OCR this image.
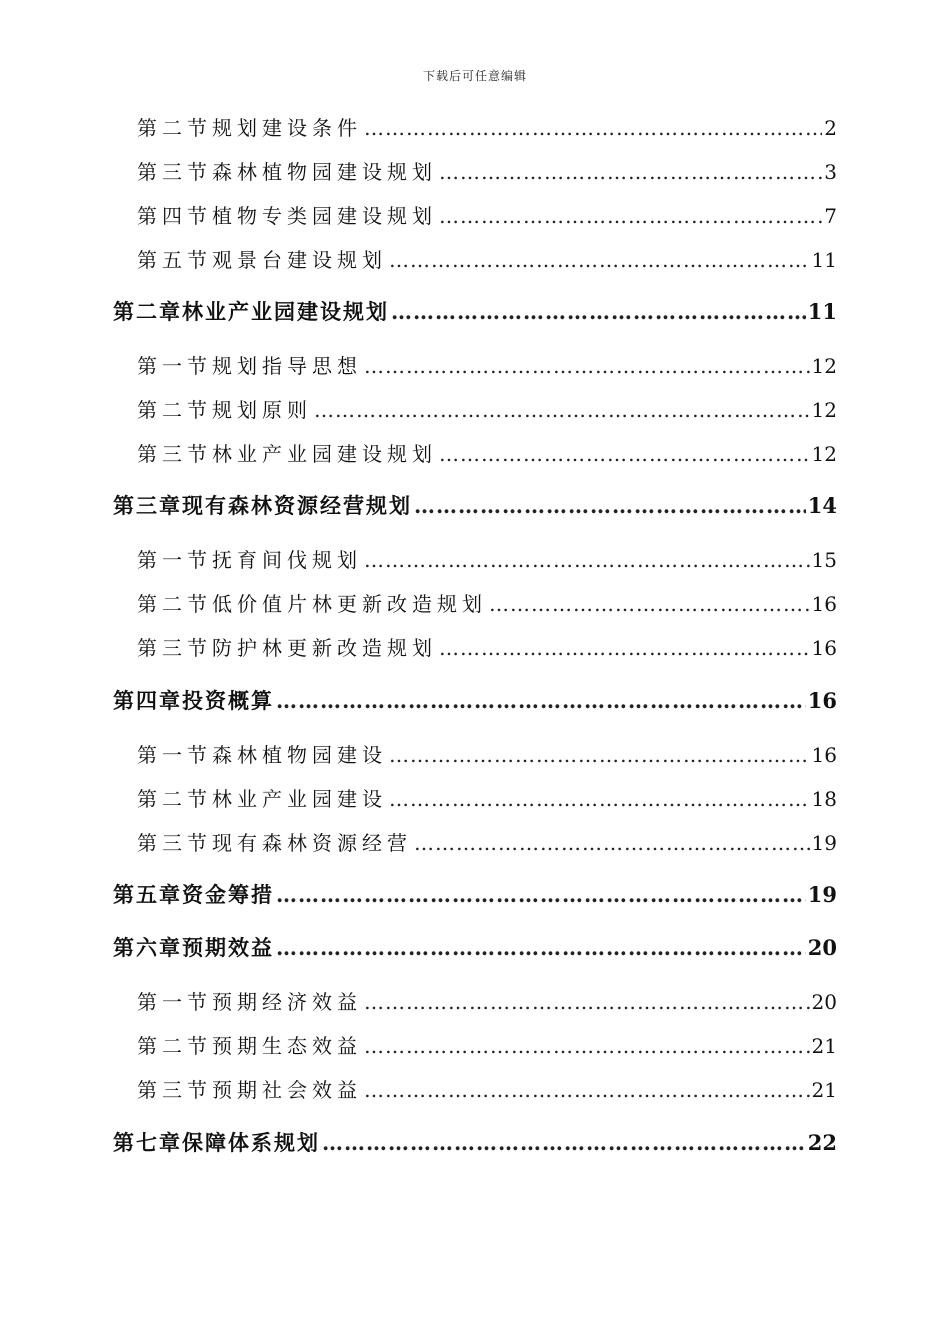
下载后可任意编辑
第二节 规划建设条件 …………………………………………………………………………………………………………………………………………………………………………	2
第三节 森林植物园建设规划 …………………………………………………………………………………………………………………………………………………………………………	3
第四节 植物专类园建设规划 …………………………………………………………………………………………………………………………………………………………………………	7
第五节 观景台建设规划 …………………………………………………………………………………………………………………………………………………………………………	11
第二章 林业产业园建设规划 …………………………………………………………………………………………………………………………………………………………………………	11
第一节 规划指导思想 …………………………………………………………………………………………………………………………………………………………………………	12
第二节 规划原则 …………………………………………………………………………………………………………………………………………………………………………	12
第三节 林业产业园建设规划 …………………………………………………………………………………………………………………………………………………………………………	12
第三章 现有森林资源经营规划 …………………………………………………………………………………………………………………………………………………………………………	14
第一节 抚育间伐规划 …………………………………………………………………………………………………………………………………………………………………………	15
第二节 低价值片林更新改造规划 …………………………………………………………………………………………………………………………………………………………………………	16
第三节 防护林更新改造规划 …………………………………………………………………………………………………………………………………………………………………………	16
第四章 投资概算 …………………………………………………………………………………………………………………………………………………………………………	16
第一节 森林植物园建设 …………………………………………………………………………………………………………………………………………………………………………	16
第二节 林业产业园建设 …………………………………………………………………………………………………………………………………………………………………………	18
第三节 现有森林资源经营 …………………………………………………………………………………………………………………………………………………………………………	19
第五章 资金筹措 …………………………………………………………………………………………………………………………………………………………………………	19
第六章 预期效益 …………………………………………………………………………………………………………………………………………………………………………	20
第一节 预期经济效益 …………………………………………………………………………………………………………………………………………………………………………	20
第二节 预期生态效益 …………………………………………………………………………………………………………………………………………………………………………	21
第三节 预期社会效益 …………………………………………………………………………………………………………………………………………………………………………	21
第七章 保障体系规划 …………………………………………………………………………………………………………………………………………………………………………	22
